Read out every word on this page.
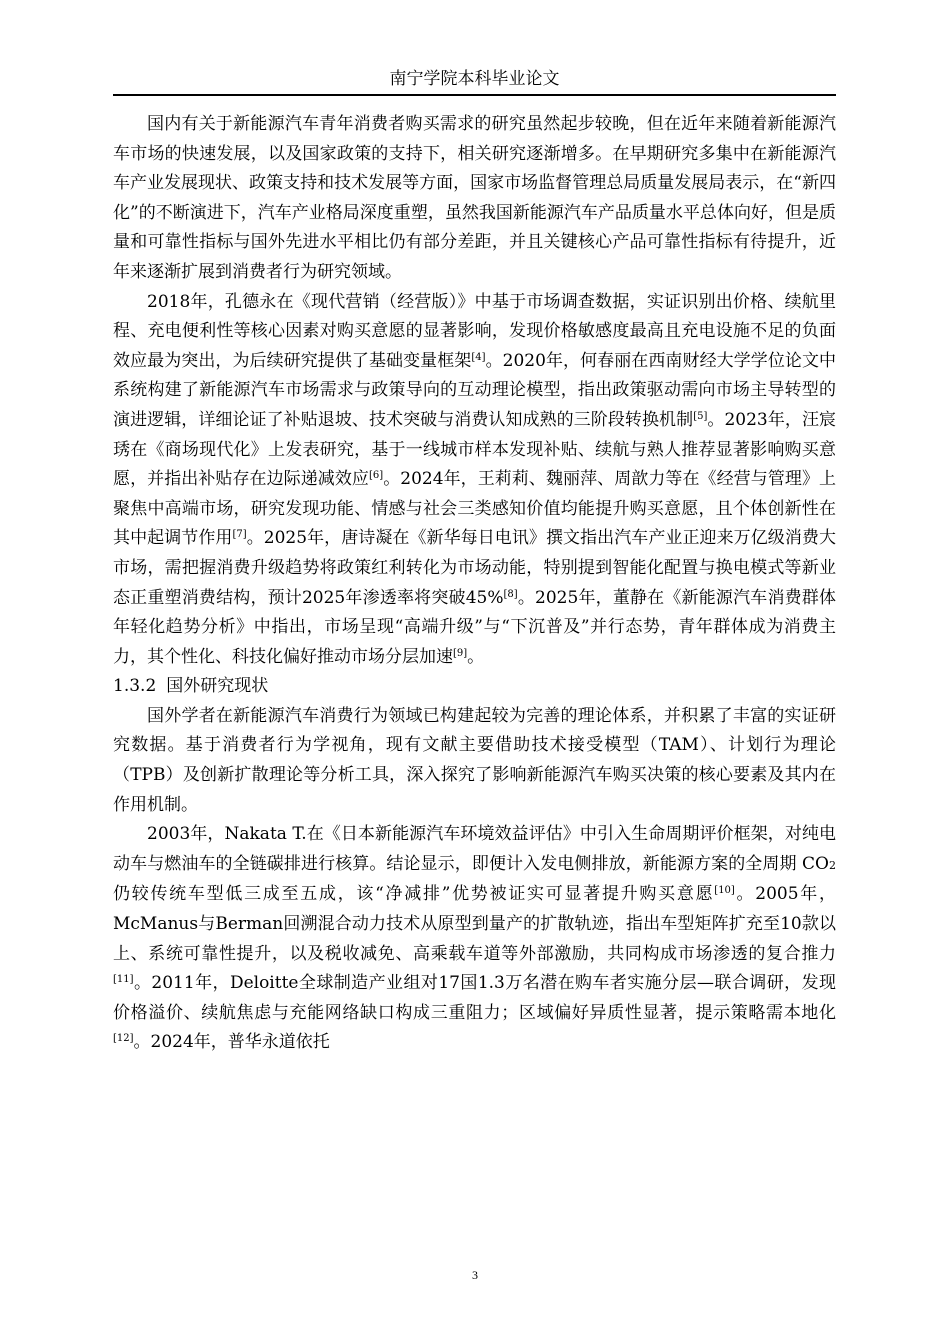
南宁学院本科毕业论文

国内有关于新能源汽车青年消费者购买需求的研究虽然起步较晚，但在近年来随着新能源汽车市场的快速发展，以及国家政策的支持下，相关研究逐渐增多。在早期研究多集中在新能源汽车产业发展现状、政策支持和技术发展等方面，国家市场监督管理总局质量发展局表示，在“新四化”的不断演进下，汽车产业格局深度重塑，虽然我国新能源汽车产品质量水平总体向好，但是质量和可靠性指标与国外先进水平相比仍有部分差距，并且关键核心产品可靠性指标有待提升，近年来逐渐扩展到消费者行为研究领域。

2018年，孔德永在《现代营销（经营版）》中基于市场调查数据，实证识别出价格、续航里程、充电便利性等核心因素对购买意愿的显著影响，发现价格敏感度最高且充电设施不足的负面效应最为突出，为后续研究提供了基础变量框架[4]。2020年，何春丽在西南财经大学学位论文中系统构建了新能源汽车市场需求与政策导向的互动理论模型，指出政策驱动需向市场主导转型的演进逻辑，详细论证了补贴退坡、技术突破与消费认知成熟的三阶段转换机制[5]。2023年，汪宸琇在《商场现代化》上发表研究，基于一线城市样本发现补贴、续航与熟人推荐显著影响购买意愿，并指出补贴存在边际递减效应[6]。2024年，王莉莉、魏丽萍、周歆力等在《经营与管理》上聚焦中高端市场，研究发现功能、情感与社会三类感知价值均能提升购买意愿，且个体创新性在其中起调节作用[7]。2025年，唐诗凝在《新华每日电讯》撰文指出汽车产业正迎来万亿级消费大市场，需把握消费升级趋势将政策红利转化为市场动能，特别提到智能化配置与换电模式等新业态正重塑消费结构，预计2025年渗透率将突破45%[8]。2025年，董静在《新能源汽车消费群体年轻化趋势分析》中指出，市场呈现“高端升级”与“下沉普及”并行态势，青年群体成为消费主力，其个性化、科技化偏好推动市场分层加速[9]。

1.3.2 国外研究现状

国外学者在新能源汽车消费行为领域已构建起较为完善的理论体系，并积累了丰富的实证研究数据。基于消费者行为学视角，现有文献主要借助技术接受模型（TAM）、计划行为理论（TPB）及创新扩散理论等分析工具，深入探究了影响新能源汽车购买决策的核心要素及其内在作用机制。

2003年，Nakata T.在《日本新能源汽车环境效益评估》中引入生命周期评价框架，对纯电动车与燃油车的全链碳排进行核算。结论显示，即便计入发电侧排放，新能源方案的全周期 CO2 仍较传统车型低三成至五成，该“净减排”优势被证实可显著提升购买意愿[10]。2005年，McManus与Berman回溯混合动力技术从原型到量产的扩散轨迹，指出车型矩阵扩充至10款以上、系统可靠性提升，以及税收减免、高乘载车道等外部激励，共同构成市场渗透的复合推力[11]。2011年，Deloitte全球制造产业组对17国1.3万名潜在购车者实施分层—联合调研，发现价格溢价、续航焦虑与充能网络缺口构成三重阻力；区域偏好异质性显著，提示策略需本地化[12]。2024年，普华永道依托

3
